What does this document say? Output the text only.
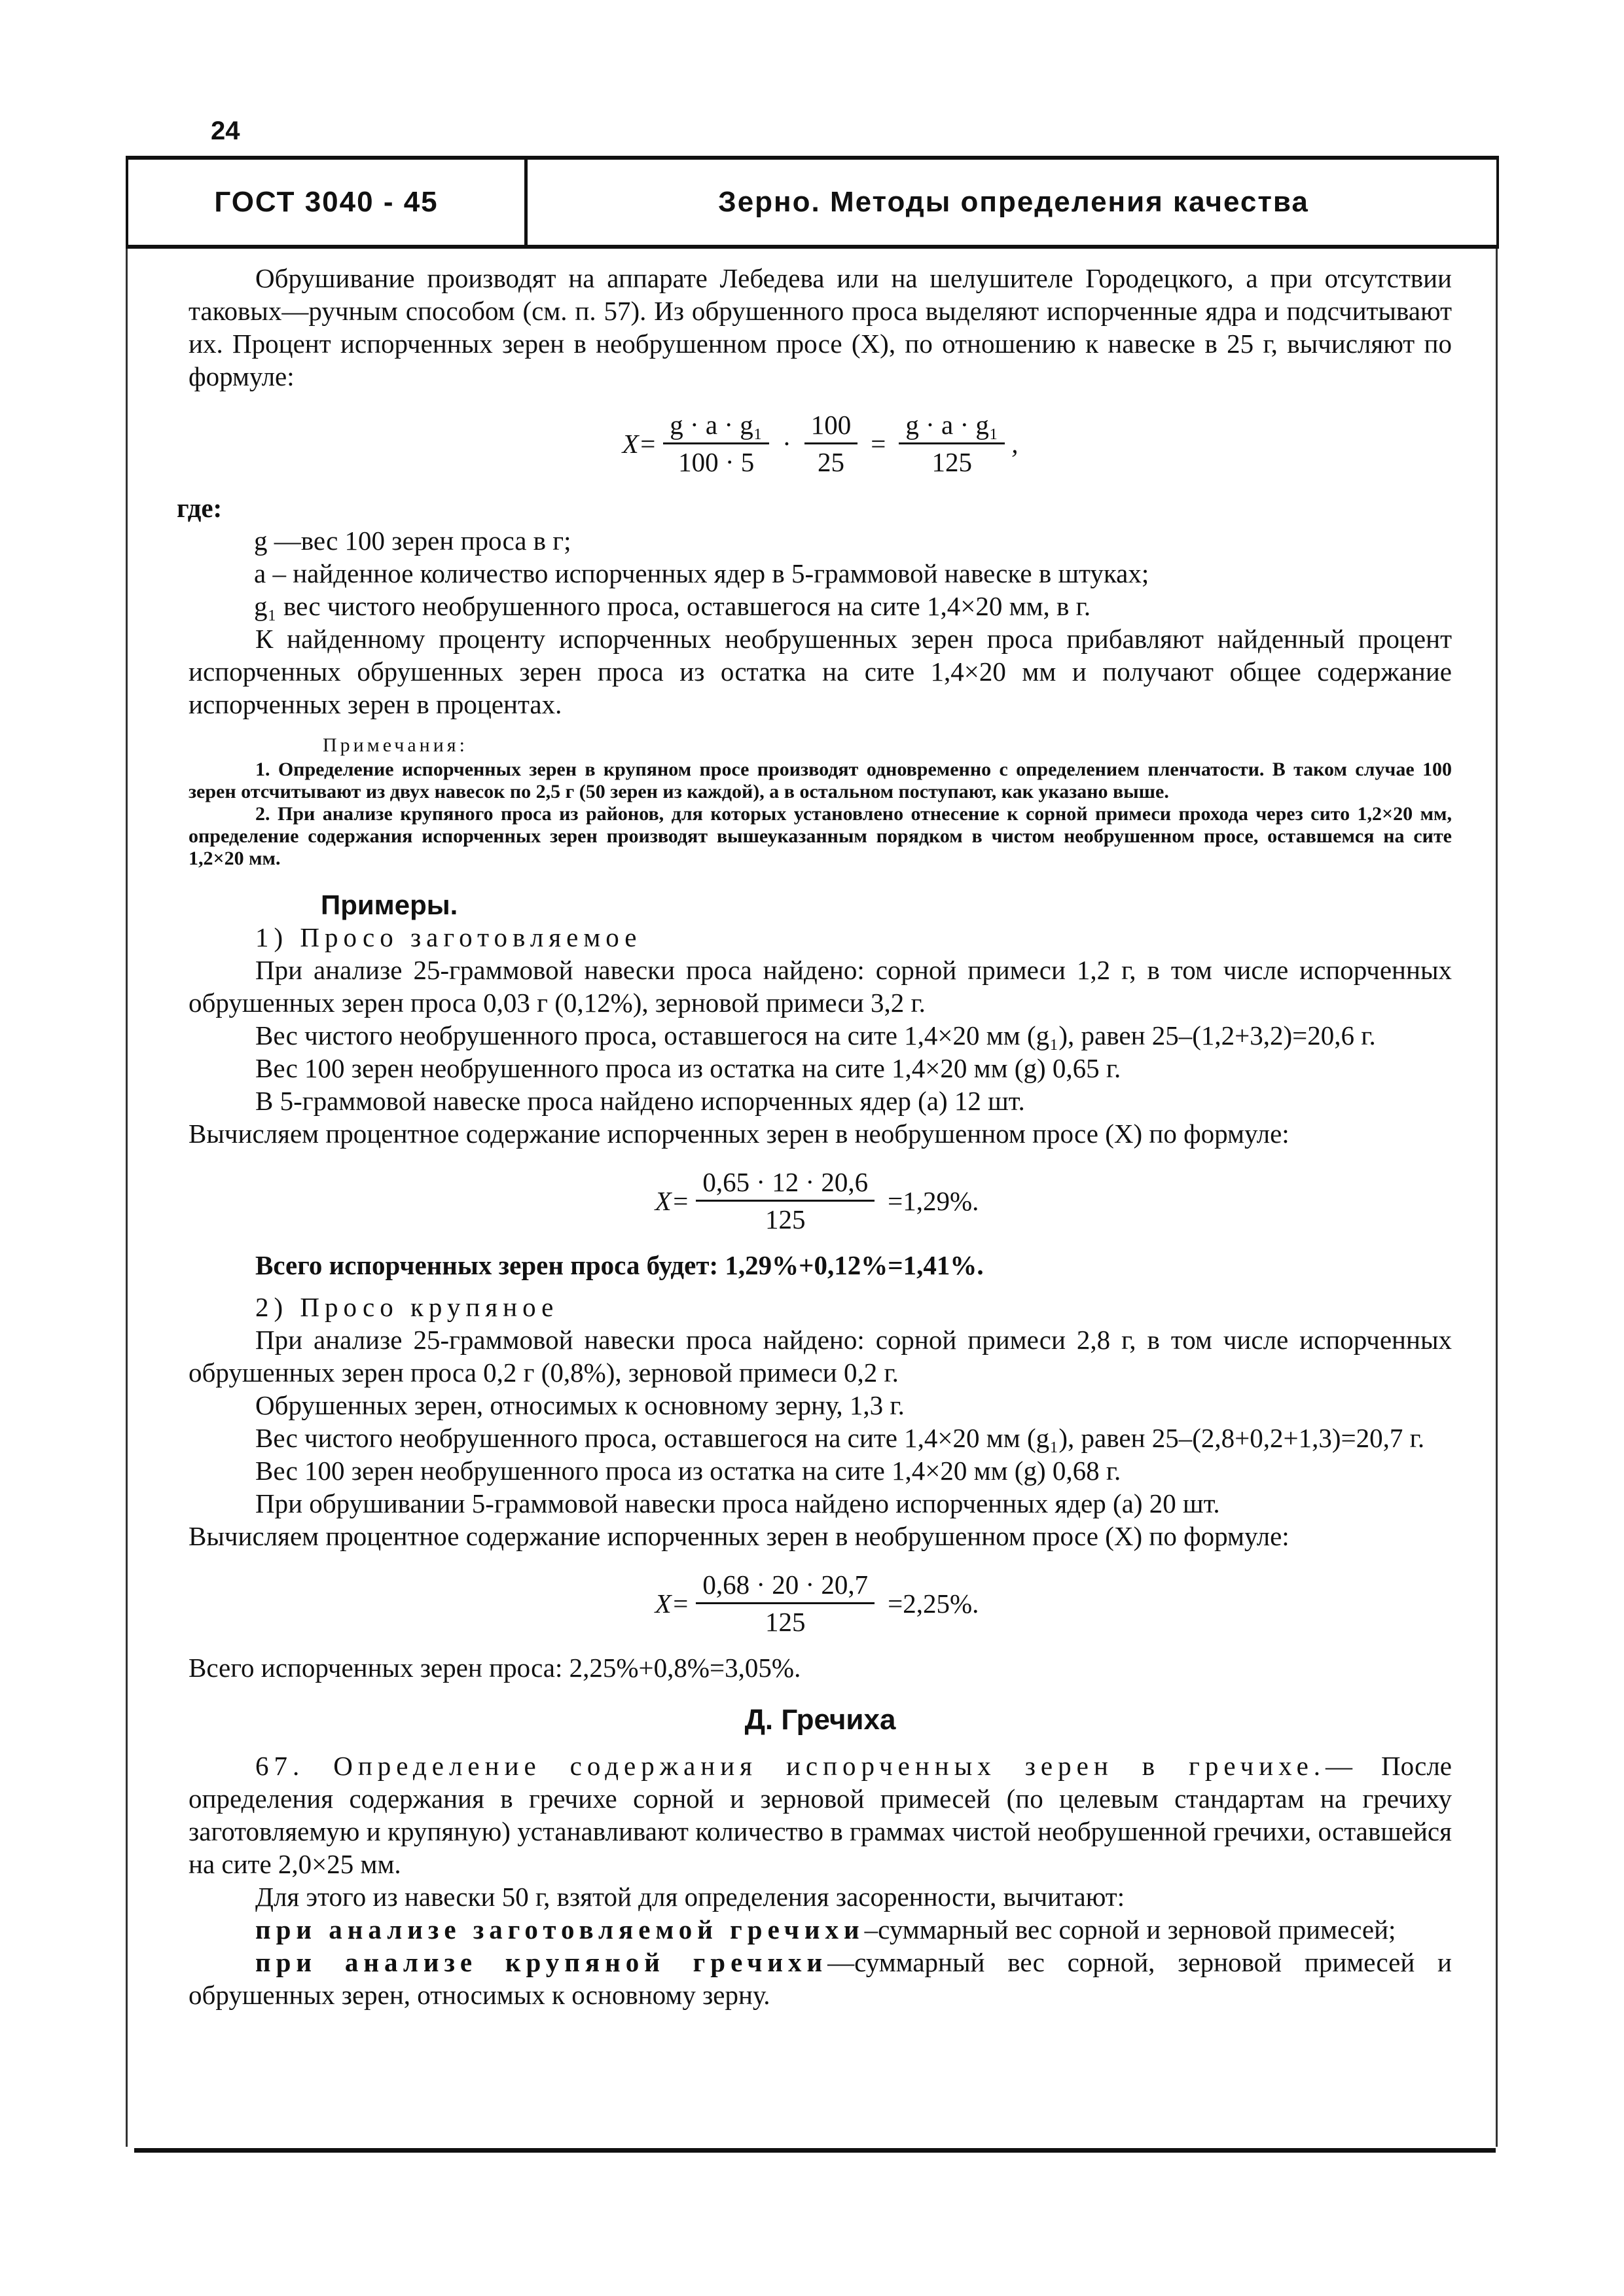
24
ГОСТ 3040 - 45	Зерно. Методы определения качества

Обрушивание производят на аппарате Лебедева или на шелушителе Городецкого, а при отсутствии таковых—ручным способом (см. п. 57). Из обрушенного проса выделяют испорченные ядра и подсчитывают их. Процент испорченных зерен в необрушенном просе (X), по отношению к навеске в 25 г, вычисляют по формуле:

$X= \frac{\text{g · a · g₁}}{100 \cdot 5} \cdot \frac{100}{25} = \frac{\text{g · a · g₁}}{125}$ ,

где:

g —вес 100 зерен проса в г;

a – найденное количество испорченных ядер в 5-граммовой навеске в штуках;

g₁ вес чистого необрушенного проса, оставшегося на сите 1,4×20 мм, в г.

К найденному проценту испорченных необрушенных зерен проса прибавляют найденный процент испорченных обрушенных зерен проса из остатка на сите 1,4×20 мм и получают общее содержание испорченных зерен в процентах.

Примечания:

1. Определение испорченных зерен в крупяном просе производят одновременно с определением пленчатости. В таком случае 100 зерен отсчитывают из двух навесок по 2,5 г (50 зерен из каждой), а в остальном поступают, как указано выше.

2. При анализе крупяного проса из районов, для которых установлено отнесение к сорной примеси прохода через сито 1,2×20 мм, определение содержания испорченных зерен производят вышеуказанным порядком в чистом необрушенном просе, оставшемся на сите 1,2×20 мм.

Примеры.

1) Просо заготовляемое

При анализе 25-граммовой навески проса найдено: сорной примеси 1,2 г, в том числе испорченных обрушенных зерен проса 0,03 г (0,12%), зерновой примеси 3,2 г.

Вес чистого необрушенного проса, оставшегося на сите 1,4×20 мм (g₁), равен 25–(1,2+3,2)=20,6 г.

Вес 100 зерен необрушенного проса из остатка на сите 1,4×20 мм (g) 0,65 г.

В 5-граммовой навеске проса найдено испорченных ядер (a) 12 шт.

Вычисляем процентное содержание испорченных зерен в необрушенном просе (X) по формуле:

$X= \frac{0,65 \cdot 12 \cdot 20,6}{125} =1,29\%$.

Всего испорченных зерен проса будет: 1,29%+0,12%=1,41%.

2) Просо крупяное

При анализе 25-граммовой навески проса найдено: сорной примеси 2,8 г, в том числе испорченных обрушенных зерен проса 0,2 г (0,8%), зерновой примеси 0,2 г.

Обрушенных зерен, относимых к основному зерну, 1,3 г.

Вес чистого необрушенного проса, оставшегося на сите 1,4×20 мм (g₁), равен 25–(2,8+0,2+1,3)=20,7 г.

Вес 100 зерен необрушенного проса из остатка на сите 1,4×20 мм (g) 0,68 г.

При обрушивании 5-граммовой навески проса найдено испорченных ядер (a) 20 шт.

Вычисляем процентное содержание испорченных зерен в необрушенном просе (X) по формуле:

$X= \frac{0,68 \cdot 20 \cdot 20,7}{125} =2,25\%$.

Всего испорченных зерен проса: 2,25%+0,8%=3,05%.

Д. Гречиха

67. Определение содержания испорченных зерен в гречихе.— После определения содержания в гречихе сорной и зерновой примесей (по целевым стандартам на гречиху заготовляемую и крупяную) устанавливают количество в граммах чистой необрушенной гречихи, оставшейся на сите 2,0×25 мм.

Для этого из навески 50 г, взятой для определения засоренности, вычитают:

при анализе заготовляемой гречихи–суммарный вес сорной и зерновой примесей;

при анализе крупяной гречихи—суммарный вес сорной, зерновой примесей и обрушенных зерен, относимых к основному зерну.
